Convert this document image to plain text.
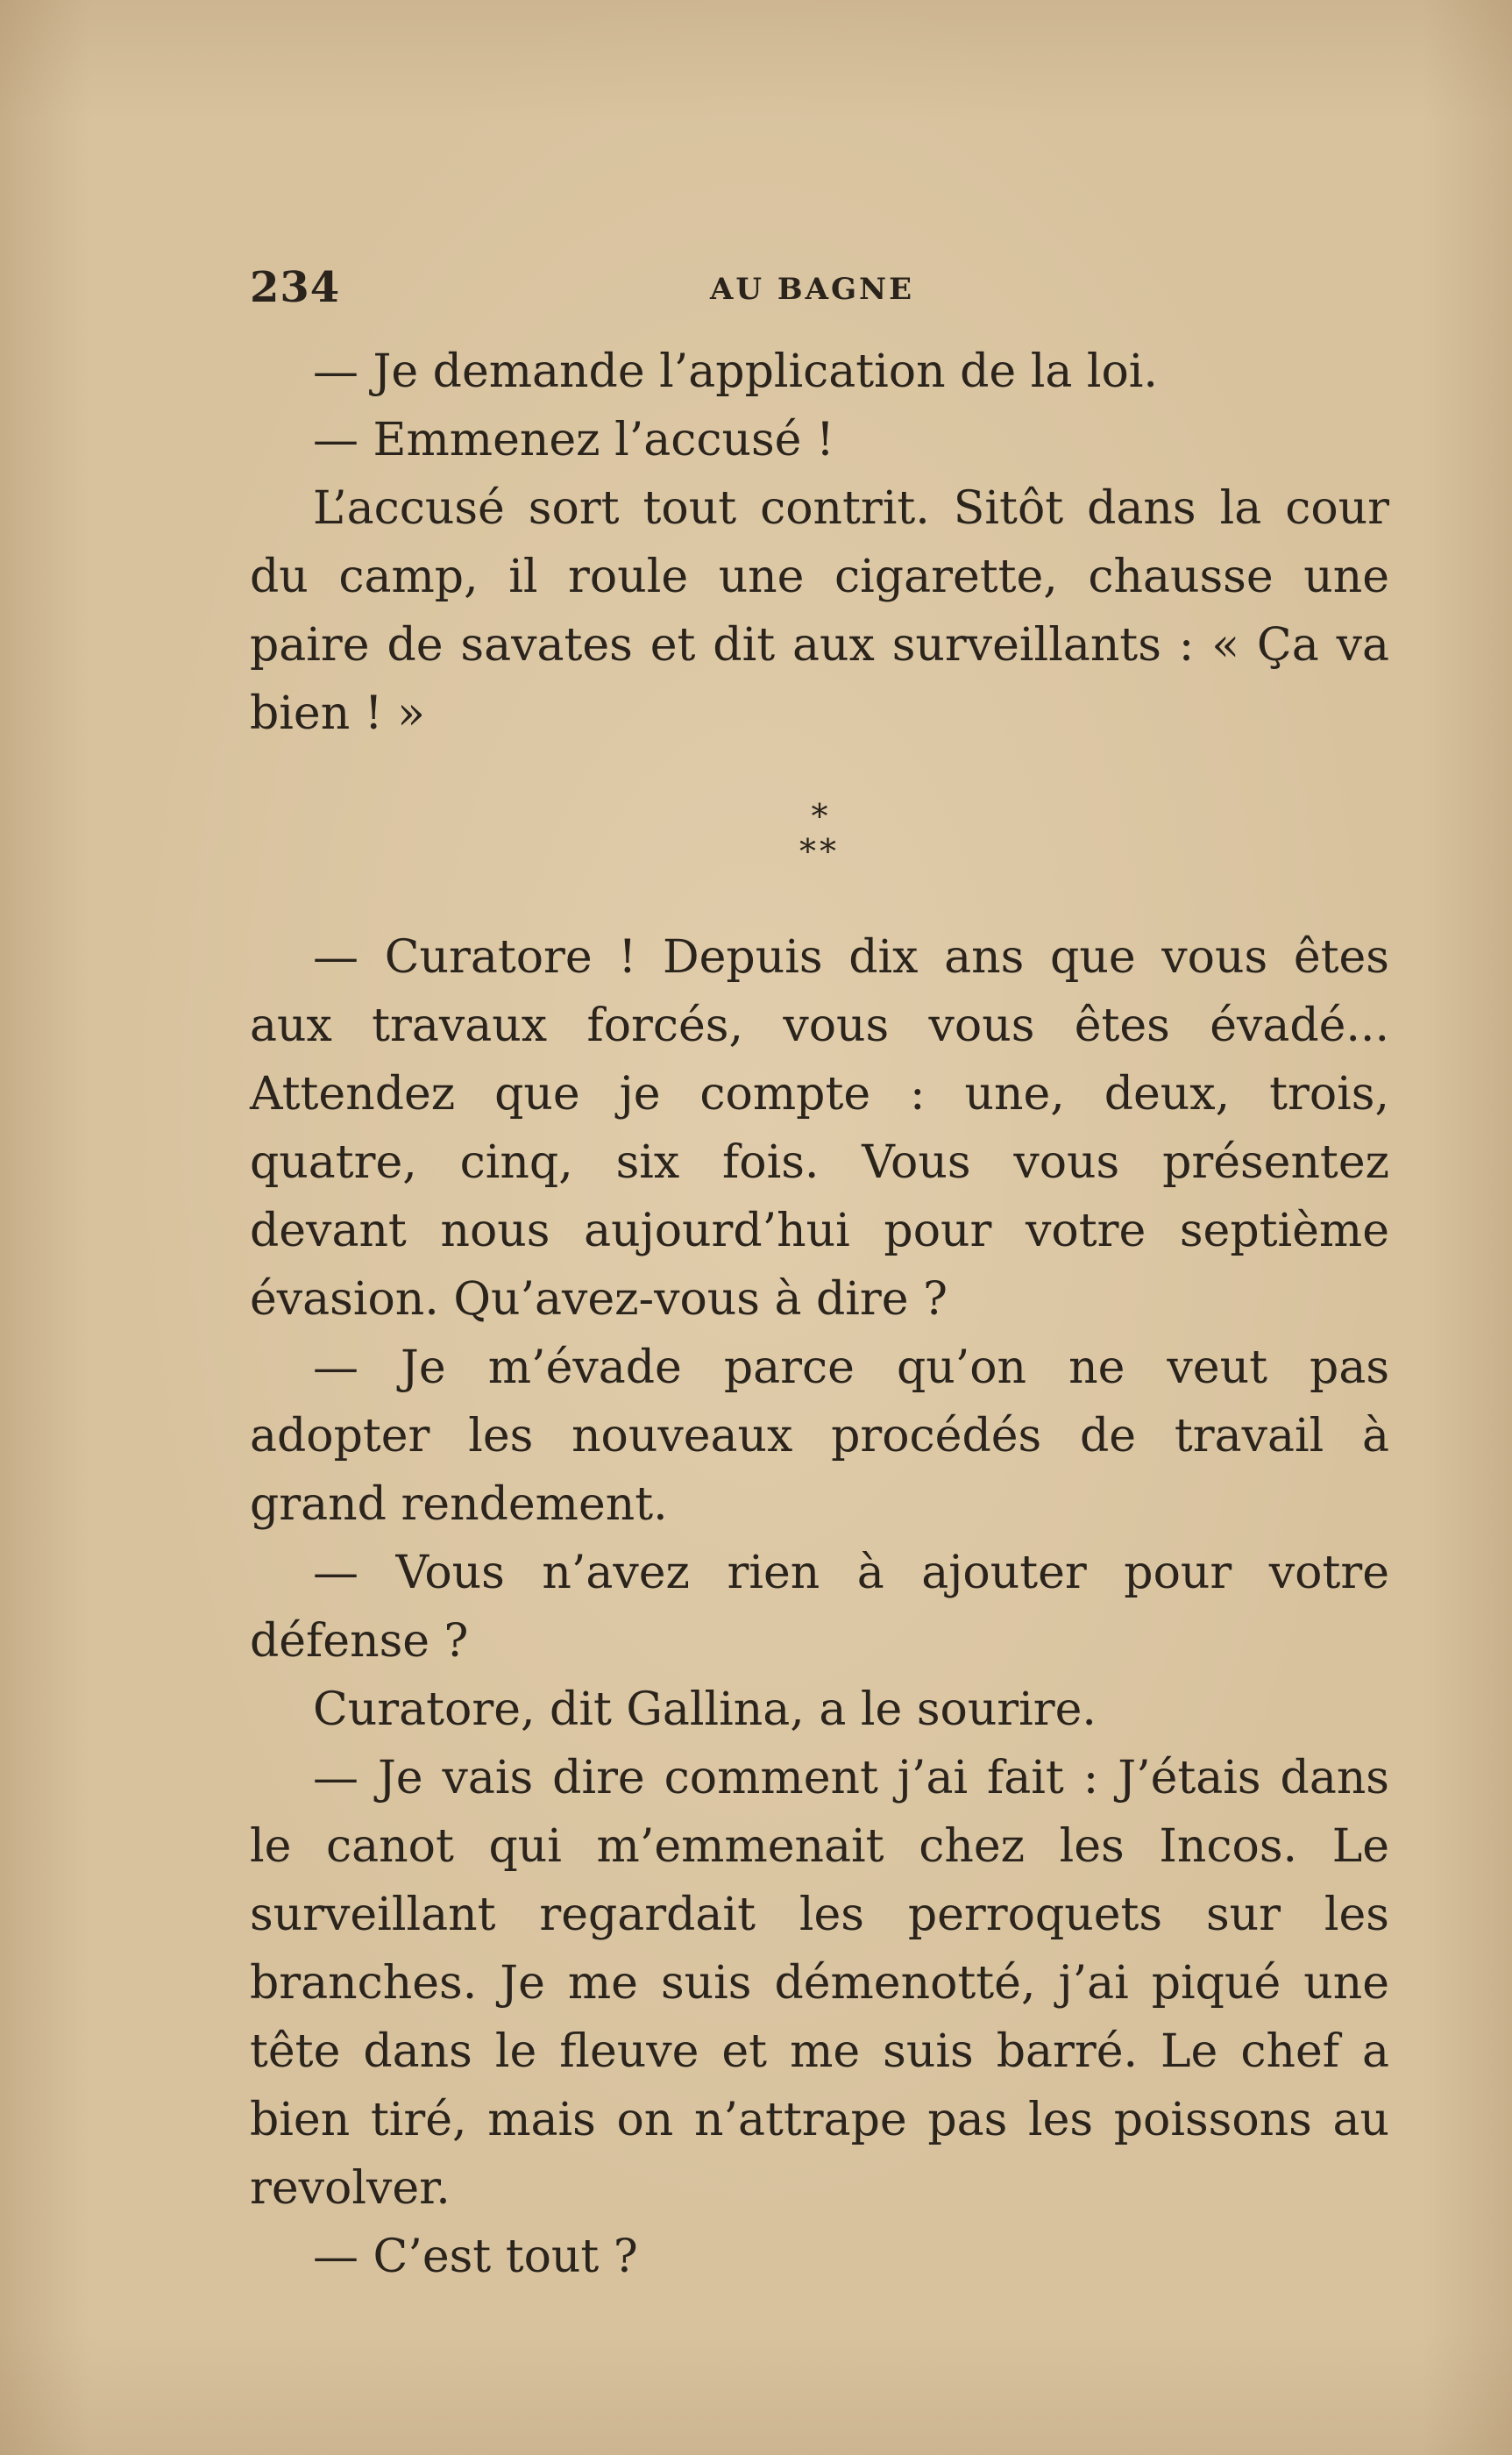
234	AU BAGNE

— Je demande l’application de la loi.

— Emmenez l’accusé !

L’accusé sort tout contrit. Sitôt dans la cour du camp, il roule une cigarette, chausse une paire de savates et dit aux surveillants : « Ça va bien ! »

*
**

— Curatore ! Depuis dix ans que vous êtes aux travaux forcés, vous vous êtes évadé... Attendez que je compte : une, deux, trois, quatre, cinq, six fois. Vous vous présentez devant nous aujourd’hui pour votre septième évasion. Qu’avez-vous à dire ?

— Je m’évade parce qu’on ne veut pas adopter les nouveaux procédés de travail à grand rendement.

— Vous n’avez rien à ajouter pour votre défense ?

Curatore, dit Gallina, a le sourire.

— Je vais dire comment j’ai fait : J’étais dans le canot qui m’emmenait chez les Incos. Le surveillant regardait les perroquets sur les branches. Je me suis démenotté, j’ai piqué une tête dans le fleuve et me suis barré. Le chef a bien tiré, mais on n’attrape pas les poissons au revolver.

— C’est tout ?
